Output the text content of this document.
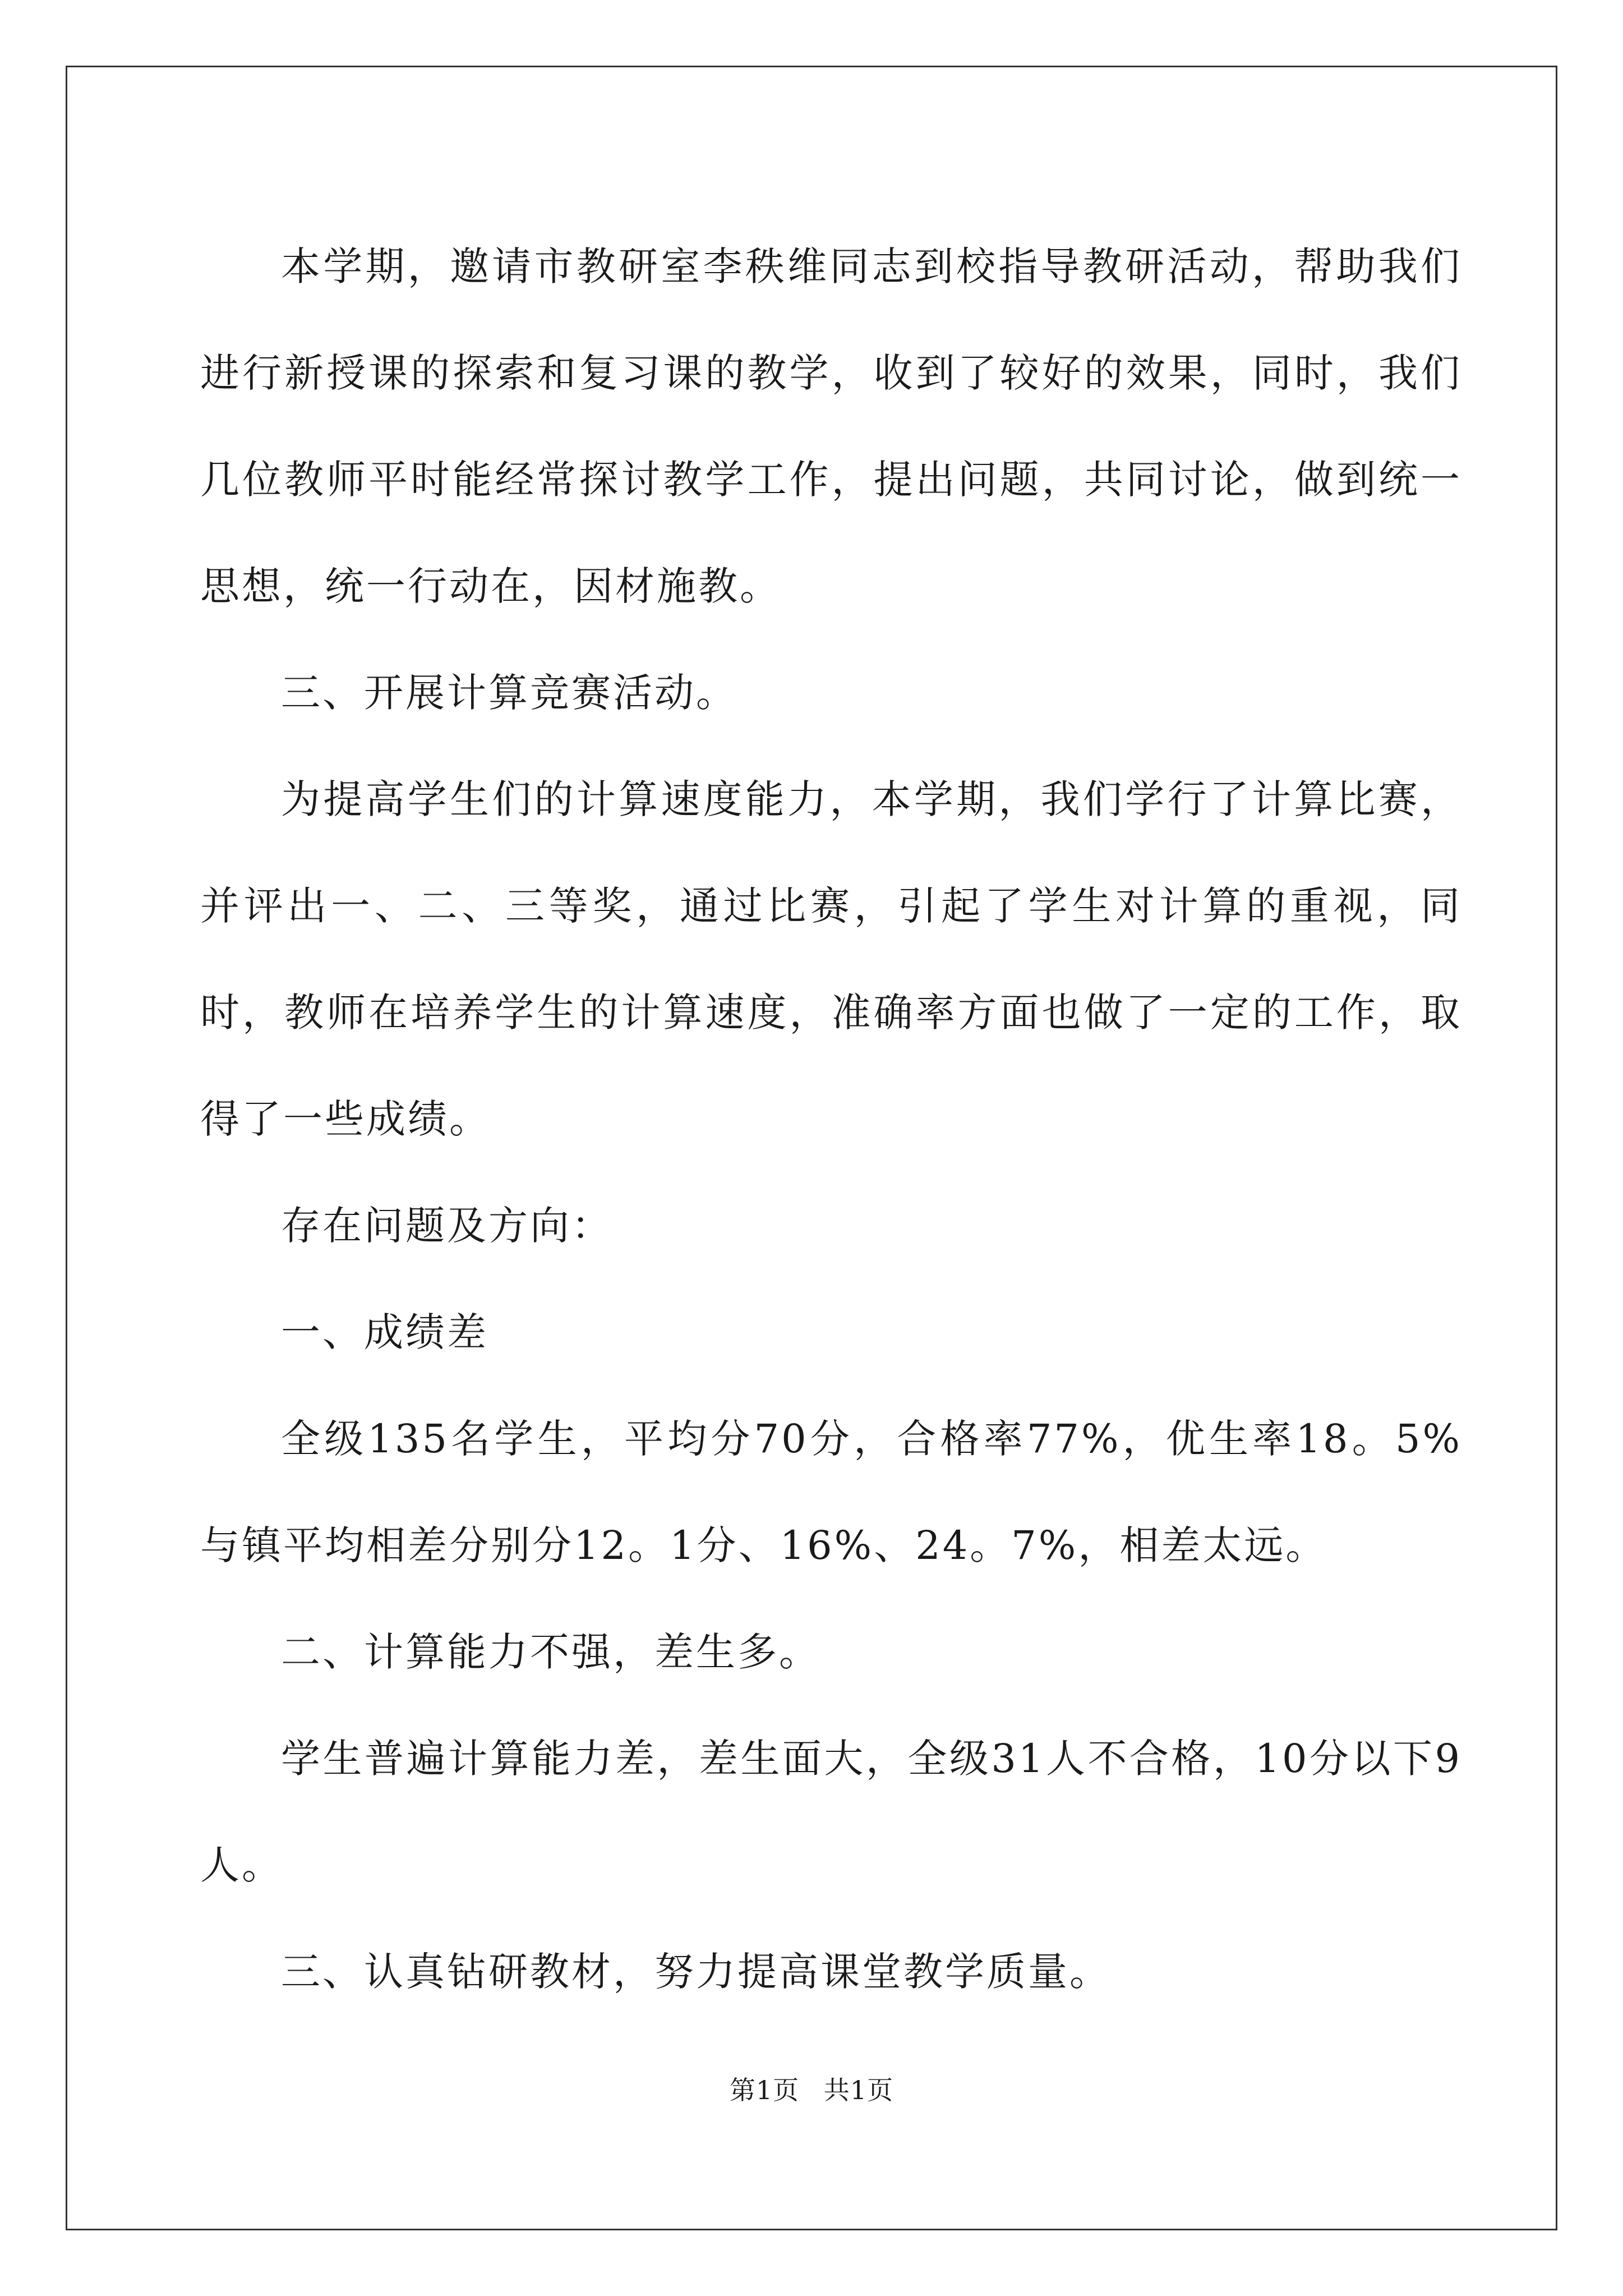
本学期，邀请市教研室李秩维同志到校指导教研活动，帮助我们进行新授课的探索和复习课的教学，收到了较好的效果，同时，我们几位教师平时能经常探讨教学工作，提出问题，共同讨论，做到统一思想，统一行动在，因材施教。

三、开展计算竞赛活动。

为提高学生们的计算速度能力，本学期，我们学行了计算比赛，并评出一、二、三等奖，通过比赛，引起了学生对计算的重视，同时，教师在培养学生的计算速度，准确率方面也做了一定的工作，取得了一些成绩。

存在问题及方向：

一、成绩差

全级135名学生，平均分70分，合格率77%，优生率18。5%与镇平均相差分别分12。1分、16%、24。7%，相差太远。

二、计算能力不强，差生多。

学生普遍计算能力差，差生面大，全级31人不合格，10分以下9人。

三、认真钻研教材，努力提高课堂教学质量。

第1页 共1页
